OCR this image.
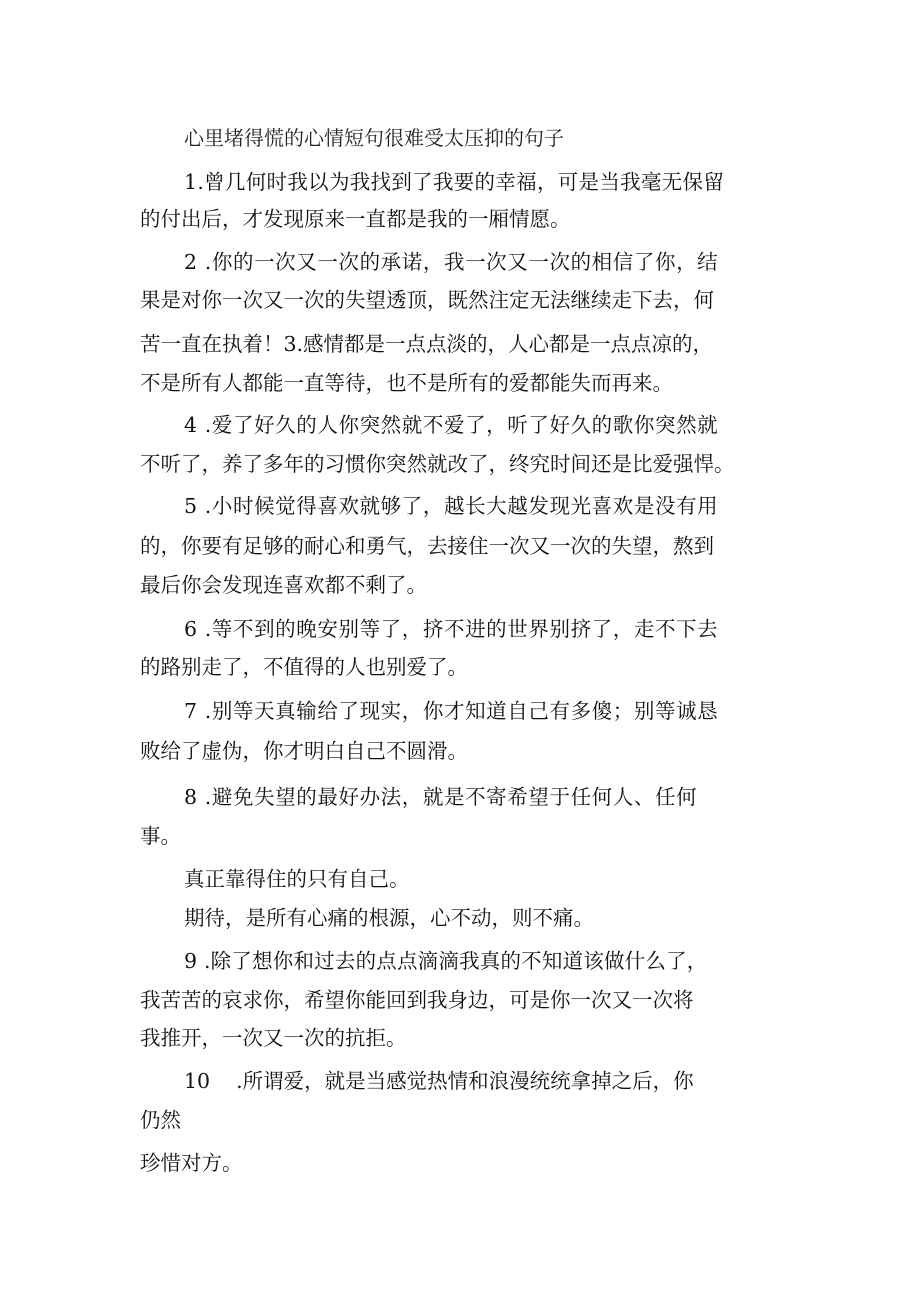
心里堵得慌的心情短句很难受太压抑的句子
1.曾几何时我以为我找到了我要的幸福，可是当我毫无保留
的付出后，才发现原来一直都是我的一厢情愿。
2 .你的一次又一次的承诺，我一次又一次的相信了你，结
果是对你一次又一次的失望透顶，既然注定无法继续走下去，何
苦一直在执着！3.感情都是一点点淡的，人心都是一点点凉的，
不是所有人都能一直等待，也不是所有的爱都能失而再来。
4 .爱了好久的人你突然就不爱了，听了好久的歌你突然就
不听了，养了多年的习惯你突然就改了，终究时间还是比爱强悍。
5 .小时候觉得喜欢就够了，越长大越发现光喜欢是没有用
的，你要有足够的耐心和勇气，去接住一次又一次的失望，熬到
最后你会发现连喜欢都不剩了。
6 .等不到的晚安别等了，挤不进的世界别挤了，走不下去
的路别走了，不值得的人也别爱了。
7 .别等天真输给了现实，你才知道自己有多傻；别等诚恳
败给了虚伪，你才明白自己不圆滑。
8 .避免失望的最好办法，就是不寄希望于任何人、任何
事。
真正靠得住的只有自己。
期待，是所有心痛的根源，心不动，则不痛。
9 .除了想你和过去的点点滴滴我真的不知道该做什么了，
我苦苦的哀求你，希望你能回到我身边，可是你一次又一次将
我推开，一次又一次的抗拒。
10    .所谓爱，就是当感觉热情和浪漫统统拿掉之后，你
仍然
珍惜对方。
